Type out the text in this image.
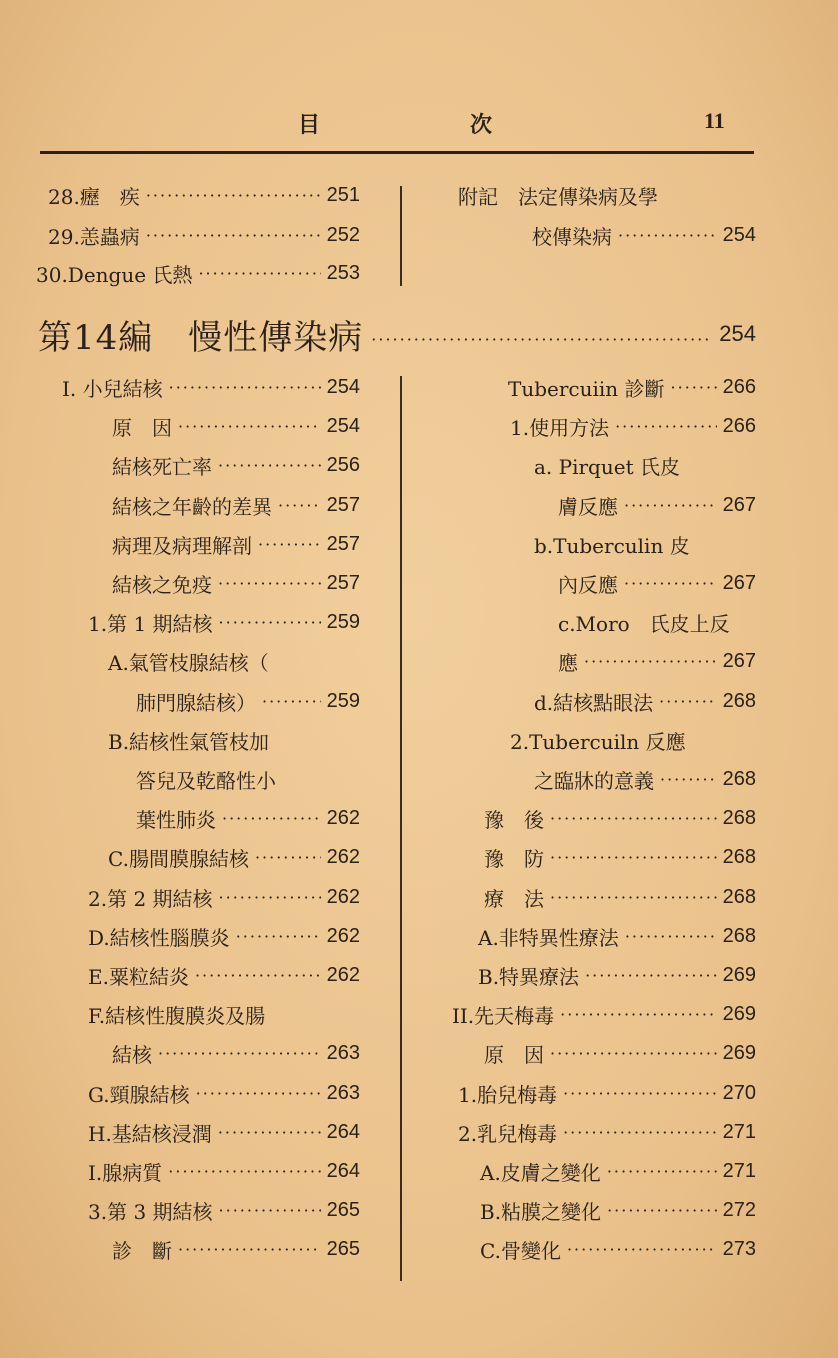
目	次	11
28.癧　疾 ·····	251
29.恙蟲病 ·····	252
30.Dengue 氏熱 ·····	253
附記　法定傳染病及學
校傳染病 ·····	254
第14編　慢性傳染病 ·····	254
I. 小兒結核 ·····	254
原　因 ·····	254
結核死亡率 ·····	256
結核之年齡的差異 ·····	257
病理及病理解剖 ·····	257
結核之免疫 ·····	257
1.第 1 期結核 ·····	259
A.氣管枝腺結核（
肺門腺結核） ·····	259
B.結核性氣管枝加
答兒及乾酪性小
葉性肺炎 ·····	262
C.腸間膜腺結核 ·····	262
2.第 2 期結核 ·····	262
D.結核性腦膜炎 ·····	262
E.粟粒結炎 ·····	262
F.結核性腹膜炎及腸
結核 ·····	263
G.頸腺結核 ·····	263
H.基結核浸潤 ·····	264
I.腺病質 ·····	264
3.第 3 期結核 ·····	265
診　斷 ·····	265
Tubercuiin 診斷 ·····	266
1.使用方法 ·····	266
a. Pirquet 氏皮
膚反應 ·····	267
b.Tuberculin 皮
內反應 ·····	267
c.Moro　氏皮上反
應 ·····	267
d.結核點眼法 ·····	268
2.Tubercuiln 反應
之臨牀的意義 ·····	268
豫　後 ·····	268
豫　防 ·····	268
療　法 ·····	268
A.非特異性療法 ·····	268
B.特異療法 ·····	269
II.先天梅毒 ·····	269
原　因 ·····	269
1.胎兒梅毒 ·····	270
2.乳兒梅毒 ·····	271
A.皮膚之變化 ·····	271
B.粘膜之變化 ·····	272
C.骨變化 ·····	273
